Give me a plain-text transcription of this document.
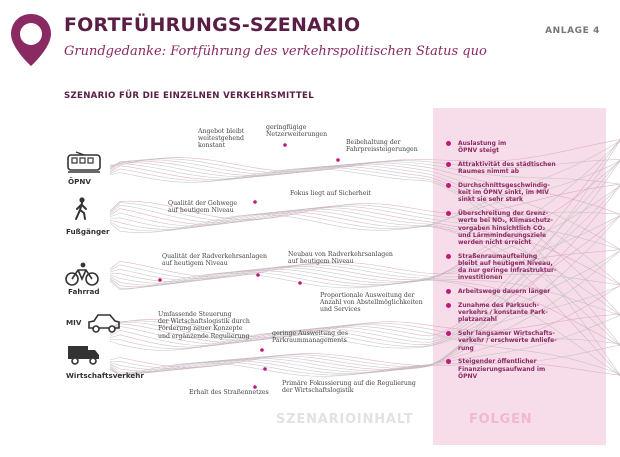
FORTFÜHRUNGS-SZENARIO
Grundgedanke: Fortführung des verkehrspolitischen Status quo
ANLAGE 4
SZENARIO FÜR DIE EINZELNEN VERKEHRSMITTEL
ÖPNV
Fußgänger
Fahrrad
MIV
Wirtschaftsverkehr
Angebot bleibt
weitestgehend
konstant
geringfügige
Netzerweiterungen
Beibehaltung der
Fahrpreissteigerungen
Qualität der Gehwege
auf heutigem Niveau
Fokus liegt auf Sicherheit
Qualität der Radverkehrsanlagen
auf heutigem Niveau
Neubau von Radverkehrsanlagen
auf heutigem Niveau
Proportionale Ausweitung der
Anzahl von Abstellmöglichkeiten
und Services
Umfassende Steuerung
der Wirtschaftslogistik durch
Förderung neuer Konzepte
und ergänzende Regulierung	geringe Ausweitung des
Parkraummanagements
Erhalt des Straßennetzes
Primäre Fokussierung auf die Regulierung
der Wirtschaftslogistik
Auslastung im
ÖPNV steigt
Attraktivität des städtischen
Raumes nimmt ab
Durchschnittsgeschwindig-
keit im ÖPNV sinkt, im MIV
sinkt sie sehr stark
Überschreitung der Grenz-
werte bei NO₂, Klimaschutz-
vorgaben hinsichtlich CO₂
und Lärmminderungsziele
werden nicht erreicht
Straßenraumaufteilung
bleibt auf heutigem Niveau,
da nur geringe Infrastruktur-
investitionen
Arbeitswege dauern länger
Zunahme des Parksuch-
verkehrs / konstante Park-
platzanzahl
Sehr langsamer Wirtschafts-
verkehr / erschwerte Anliefe-
rung
Steigender öffentlicher
Finanzierungsaufwand im
ÖPNV
SZENARIOINHALT	FOLGEN
